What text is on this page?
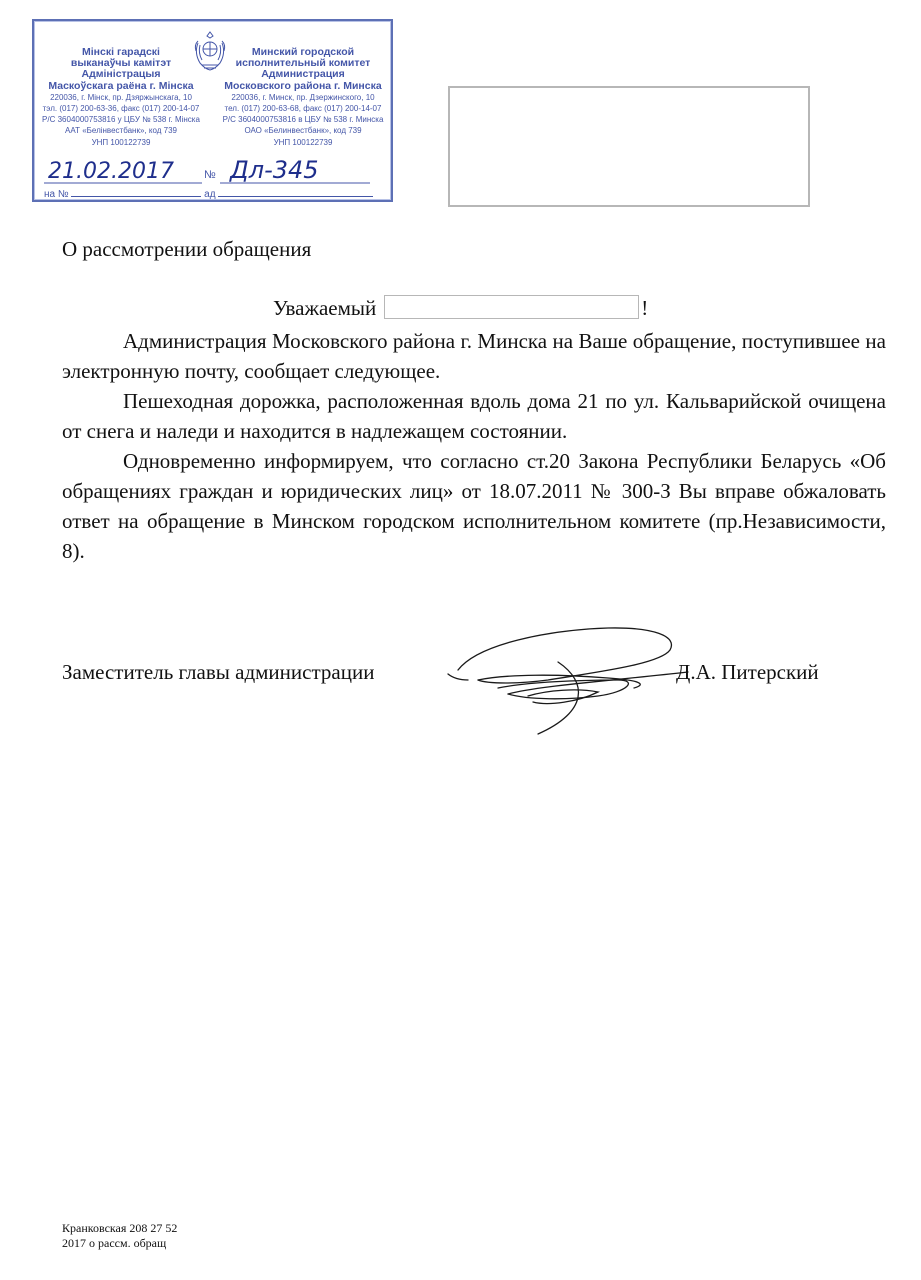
Мінскі гарадскі
выканаўчы камітэт
Адміністрацыя
Маскоўскага раёна г. Мінска
220036, г. Мінск, пр. Дзяржынскага, 10
тэл. (017) 200-63-36, факс (017) 200-14-07
Р/С 3604000753816 у ЦБУ № 538 г. Мінска
ААТ «Белінвестбанк», код 739
УНП 100122739
Минский городской
исполнительный комитет
Администрация
Московского района г. Минска
220036, г. Минск, пр. Дзержинского, 10
тел. (017) 200-63-68, факс (017) 200-14-07
Р/С 3604000753816 в ЦБУ № 538 г. Минска
ОАО «Белинвестбанк», код 739
УНП 100122739
21.02.2017	№ Дл-345
на №	ад
О рассмотрении обращения
Уважаемый	!

Администрация Московского района г. Минска на Ваше обращение, поступившее на электронную почту, сообщает следующее.

Пешеходная дорожка, расположенная вдоль дома 21 по ул. Кальварийской очищена от снега и наледи и находится в надлежащем состоянии.

Одновременно информируем, что согласно ст.20 Закона Республики Беларусь «Об обращениях граждан и юридических лиц» от 18.07.2011 № 300-З Вы вправе обжаловать ответ на обращение в Минском городском исполнительном комитете (пр.Независимости, 8).

Заместитель главы администрации	Д.А. Питерский
Кранковская 208 27 52
2017 о рассм. обращ
